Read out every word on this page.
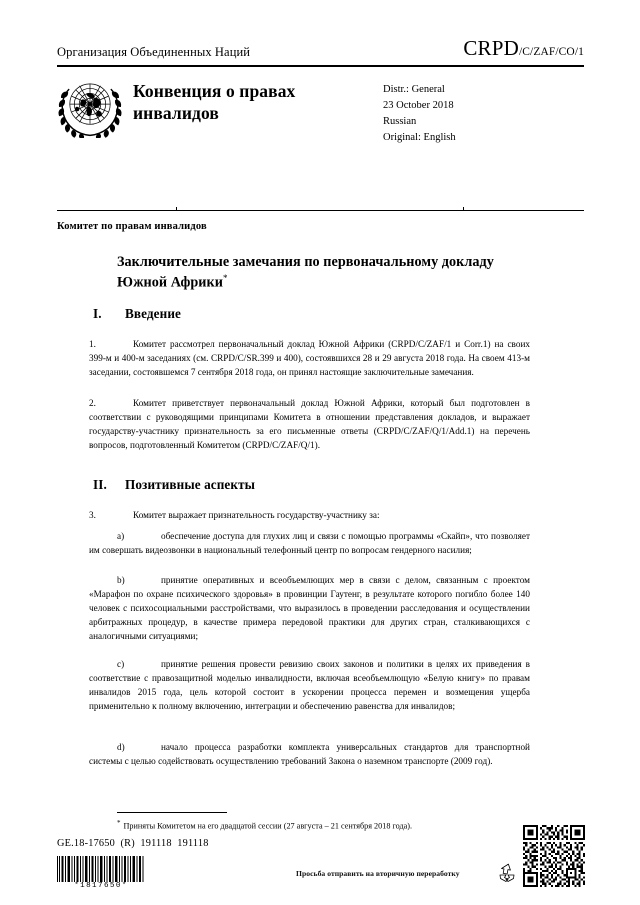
Организация Объединенных Наций	CRPD/C/ZAF/CO/1
Конвенция о правах инвалидов
Distr.: General
23 October 2018
Russian
Original: English
Комитет по правам инвалидов
Заключительные замечания по первоначальному докладу Южной Африки*
I.	Введение
1.	Комитет рассмотрел первоначальный доклад Южной Африки (CRPD/C/ZAF/1 и Corr.1) на своих 399-м и 400-м заседаниях (см. CRPD/C/SR.399 и 400), состоявшихся 28 и 29 августа 2018 года. На своем 413-м заседании, состоявшемся 7 сентября 2018 года, он принял настоящие заключительные замечания.
2.	Комитет приветствует первоначальный доклад Южной Африки, который был подготовлен в соответствии с руководящими принципами Комитета в отношении представления докладов, и выражает государству-участнику признательность за его письменные ответы (CRPD/C/ZAF/Q/1/Add.1) на перечень вопросов, подготовленный Комитетом (CRPD/C/ZAF/Q/1).
II.	Позитивные аспекты
3.	Комитет выражает признательность государству-участнику за:
a)	обеспечение доступа для глухих лиц и связи с помощью программы «Скайп», что позволяет им совершать видеозвонки в национальный телефонный центр по вопросам гендерного насилия;
b)	принятие оперативных и всеобъемлющих мер в связи с делом, связанным с проектом «Марафон по охране психического здоровья» в провинции Гаутенг, в результате которого погибло более 140 человек с психосоциальными расстройствами, что выразилось в проведении расследования и осуществлении арбитражных процедур, в качестве примера передовой практики для других стран, сталкивающихся с аналогичными ситуациями;
c)	принятие решения провести ревизию своих законов и политики в целях их приведения в соответствие с правозащитной моделью инвалидности, включая всеобъемлющую «Белую книгу» по правам инвалидов 2015 года, цель которой состоит в ускорении процесса перемен и возмещения ущерба применительно к полному включению, интеграции и обеспечению равенства для инвалидов;
d)	начало процесса разработки комплекта универсальных стандартов для транспортной системы с целью содействовать осуществлению требований Закона о наземном транспорте (2009 год).
* Приняты Комитетом на его двадцатой сессии (27 августа – 21 сентября 2018 года).
GE.18-17650  (R)  191118  191118
*1817650*
Просьба отправить на вторичную переработку
